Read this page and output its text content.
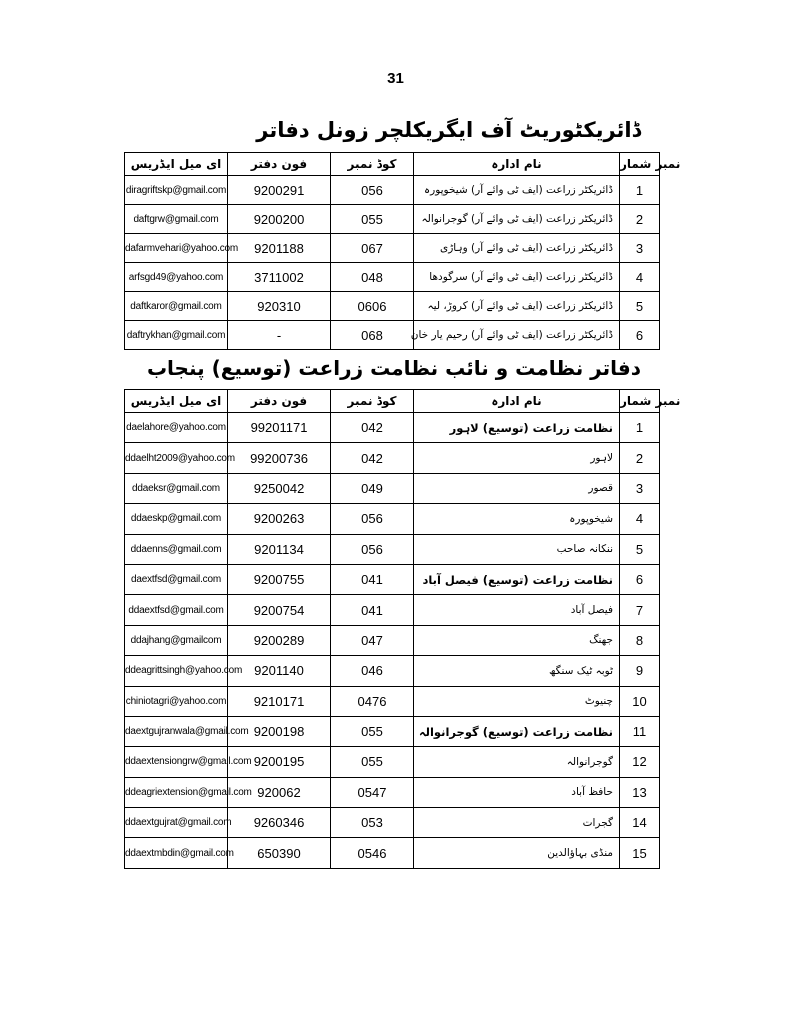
31
ڈائریکٹوریٹ آف ایگریکلچر زونل دفاتر
ای میل ایڈریس	فون دفتر	کوڈ نمبر	نام ادارہ	نمبر شمار
diragriftskp@gmail.com	9200291	056	ڈائریکٹر زراعت (ایف ٹی وائے آر) شیخوپورہ	1
daftgrw@gmail.com	9200200	055	ڈائریکٹر زراعت (ایف ٹی وائے آر) گوجرانوالہ	2
dafarmvehari@yahoo.com	9201188	067	ڈائریکٹر زراعت (ایف ٹی وائے آر) وہاڑی	3
arfsgd49@yahoo.com	3711002	048	ڈائریکٹر زراعت (ایف ٹی وائے آر) سرگودھا	4
daftkaror@gmail.com	920310	0606	ڈائریکٹر زراعت (ایف ٹی وائے آر) کروڑ، لیہ	5
daftrykhan@gmail.com	-	068	ڈائریکٹر زراعت (ایف ٹی وائے آر) رحیم یار خان	6
دفاتر نظامت و نائب نظامت زراعت (توسیع) پنجاب
ای میل ایڈریس	فون دفتر	کوڈ نمبر	نام ادارہ	نمبر شمار
daelahore@yahoo.com	99201171	042	نظامت زراعت (توسیع) لاہور	1
ddaelht2009@yahoo.com	99200736	042	لاہور	2
ddaeksr@gmail.com	9250042	049	قصور	3
ddaeskp@gmail.com	9200263	056	شیخوپورہ	4
ddaenns@gmail.com	9201134	056	ننکانہ صاحب	5
daextfsd@gmail.com	9200755	041	نظامت زراعت (توسیع) فیصل آباد	6
ddaextfsd@gmail.com	9200754	041	فیصل آباد	7
ddajhang@gmailcom	9200289	047	جھنگ	8
ddeagrittsingh@yahoo.com	9201140	046	ٹوبہ ٹیک سنگھ	9
chiniotagri@yahoo.com	9210171	0476	چنیوٹ	10
daextgujranwala@gmail.com	9200198	055	نظامت زراعت (توسیع) گوجرانوالہ	11
ddaextensiongrw@gmail.com	9200195	055	گوجرانوالہ	12
ddeagriextension@gmail.com	920062	0547	حافظ آباد	13
ddaextgujrat@gmail.com	9260346	053	گجرات	14
ddaextmbdin@gmail.com	650390	0546	منڈی بہاؤالدین	15
